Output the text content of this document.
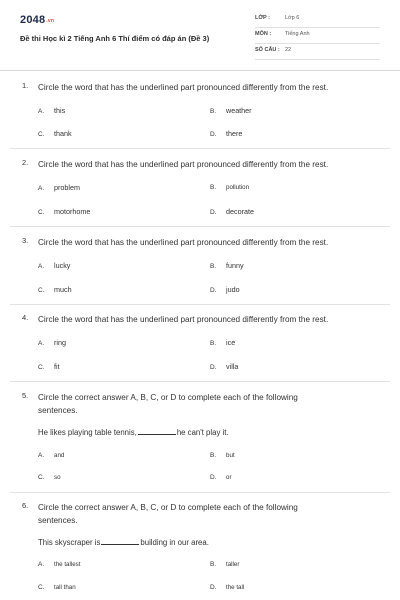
2048.vn
Đề thi Học kì 2 Tiếng Anh 6 Thí điểm có đáp án (Đề 3)
LỚP :	Lớp 6
MÔN :	Tiếng Anh
SỐ CÂU : 22
1. Circle the word that has the underlined part pronounced differently from the rest.
A. this	B. weather
C. thank	D. there
2. Circle the word that has the underlined part pronounced differently from the rest.
A. problem	B. pollution
C. motorhome	D. decorate
3. Circle the word that has the underlined part pronounced differently from the rest.
A. lucky	B. funny
C. much	D. judo
4. Circle the word that has the underlined part pronounced differently from the rest.
A. ring	B. ice
C. fit	D. villa
5. Circle the correct answer A, B, C, or D to complete each of the following
sentences.
He likes playing table tennis,	he can't play it.
A. and	B. but
C. so	D. or
6. Circle the correct answer A, B, C, or D to complete each of the following
sentences.
This skyscraper is	building in our area.
A. the tallest	B. taller
C. tall than	D. the tall
